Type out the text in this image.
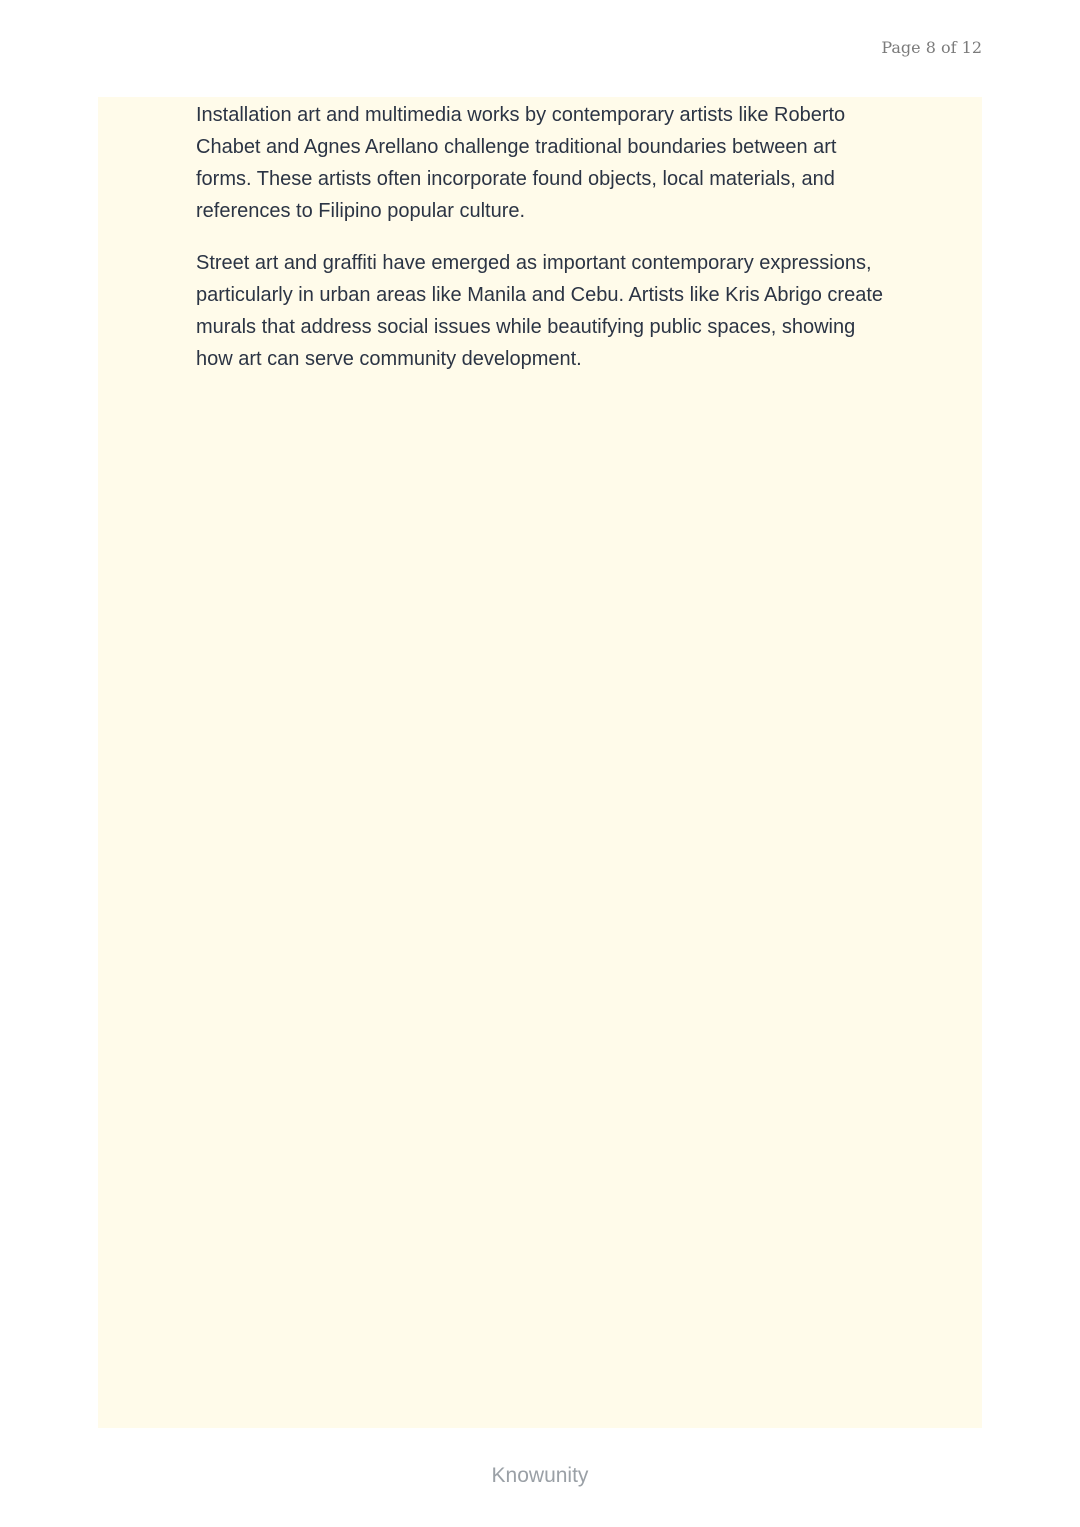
Page 8 of 12

Installation art and multimedia works by contemporary artists like Roberto Chabet and Agnes Arellano challenge traditional boundaries between art forms. These artists often incorporate found objects, local materials, and references to Filipino popular culture.

Street art and graffiti have emerged as important contemporary expressions, particularly in urban areas like Manila and Cebu. Artists like Kris Abrigo create murals that address social issues while beautifying public spaces, showing how art can serve community development.

Knowunity
